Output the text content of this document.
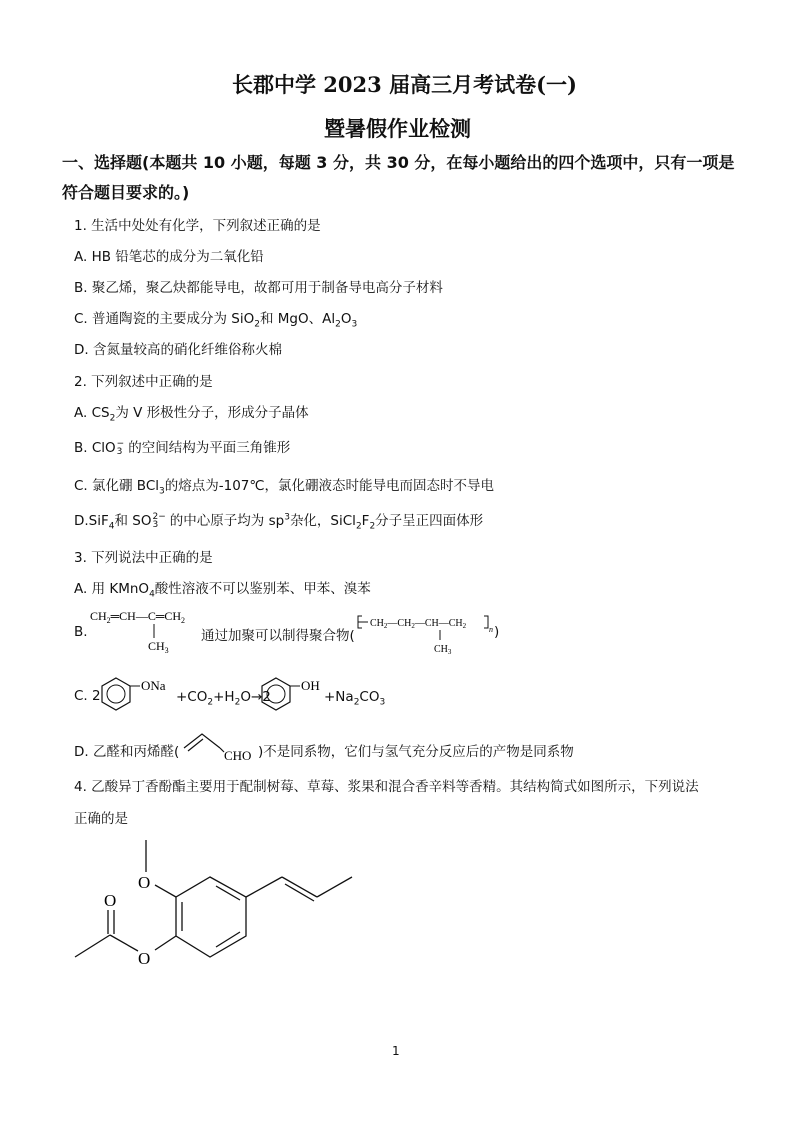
长郡中学 2023 届高三月考试卷(一)
暨暑假作业检测
一、选择题(本题共 10 小题，每题 3 分，共 30 分，在每小题给出的四个选项中，只有一项是
符合题目要求的。)
1. 生活中处处有化学，下列叙述正确的是
A. HB 铅笔芯的成分为二氧化铅
B. 聚乙烯，聚乙炔都能导电，故都可用于制备导电高分子材料
C. 普通陶瓷的主要成分为 SiO$_2$和 MgO、$Al_2O_3$
D. 含氮量较高的硝化纤维俗称火棉
2. 下列叙述中正确的是
A. $CS_2$为 V 形极性分子，形成分子晶体
B. ClO−
3 的空间结构为平面三角锥形
C. 氯化硼 BCl$_3$的熔点为-107℃，氯化硼液态时能导电而固态时不导电
D.SiF$_4$和 SO2−
3 的中心原子均为 $sp^3$杂化，$SiCl_2F_2$分子呈正四面体形
3. 下列说法中正确的是
A. 用 KMnO$_4$酸性溶液不可以鉴别苯、甲苯、溴苯
B.
$CH_2═CH—C═CH_2$
$CH_3$
通过加聚可以制得聚合物(
$CH_2—CH_2—CH—CH_2$	n
$CH_3$
)
C. 2
ONa
$+CO_2+H_2O\to 2$
OH
$+Na_2CO_3$
D. 乙醛和丙烯醛(	CHO )不是同系物，它们与氢气充分反应后的产物是同系物
4. 乙酸异丁香酚酯主要用于配制树莓、草莓、浆果和混合香辛料等香精。其结构简式如图所示，下列说法
正确的是
O
O
O
1
